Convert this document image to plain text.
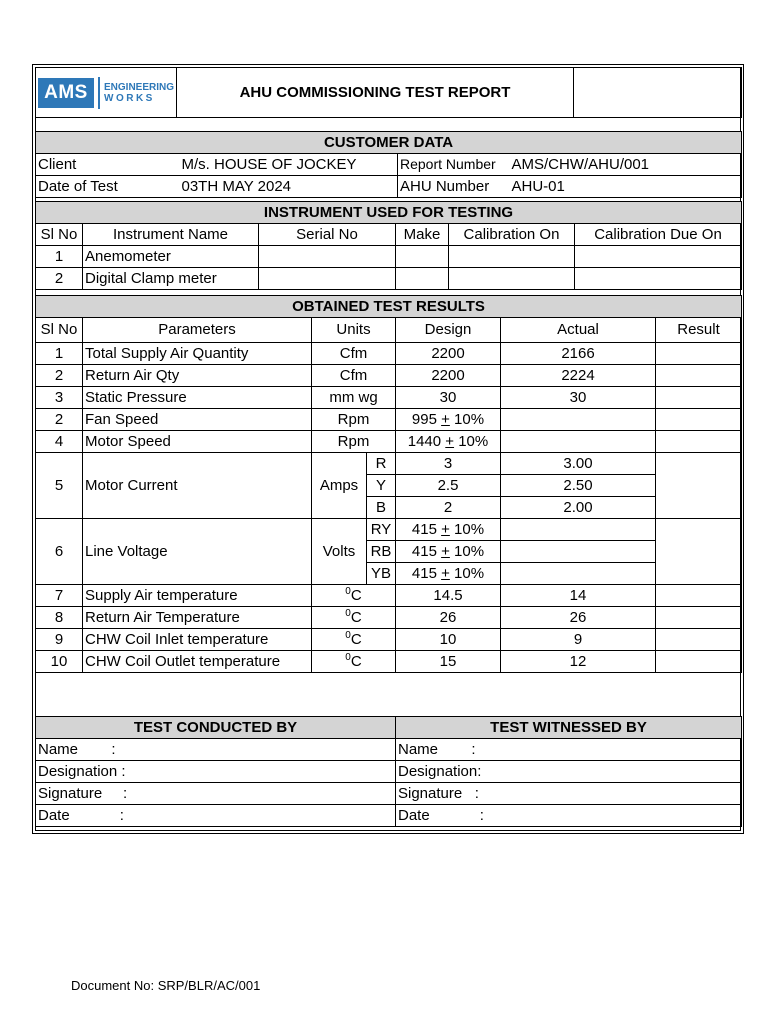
AMS	ENGINEERING
WORKS	AHU COMMISSIONING TEST REPORT	
CUSTOMER DATA			
Client	M/s. HOUSE OF JOCKEY	Report Number	AMS/CHW/AHU/001
Date of Test	03TH MAY 2024	AHU Number	AHU-01
INSTRUMENT USED FOR TESTING					
Sl No	Instrument Name	Serial No	Make	Calibration On	Calibration Due On
1	Anemometer				
2	Digital Clamp meter				
OBTAINED TEST RESULTS						
Sl No	Parameters	Units		Design	Actual	Result
1	Total Supply Air Quantity	Cfm		2200	2166	
2	Return Air Qty	Cfm		2200	2224	
3	Static Pressure	mm wg		30	30	
2	Fan Speed	Rpm		995 + 10%		
4	Motor Speed	Rpm		1440 + 10%		
5	Motor Current	Amps	R	3	3.00	
			Y	2.5	2.50	
			B	2	2.00	
6	Line Voltage	Volts	RY	415 + 10%		
			RB	415 + 10%		
			YB	415 + 10%		
7	Supply Air temperature	$^0$C		14.5	14	
8	Return Air Temperature	$^0$C		26	26	
9	CHW Coil Inlet temperature	$^0$C		10	9	
10	CHW Coil Outlet temperature	$^0$C		15	12	
TEST CONDUCTED BY	TEST WITNESSED BY
Name        :	Name        :
Designation :	Designation:
Signature     :	Signature   :
Date            :	Date            :
Document No: SRP/BLR/AC/001
